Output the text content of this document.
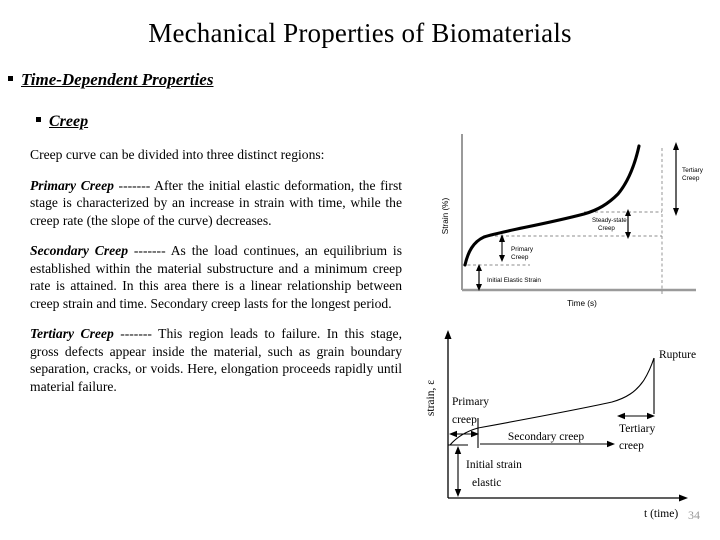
Mechanical Properties of Biomaterials
Time-Dependent Properties
Creep

Creep curve can be divided into three distinct regions:

Primary Creep ------- After the initial elastic deformation, the first stage is characterized by an increase in strain with time, while the creep rate (the slope of the curve) decreases.

Secondary Creep ------- As the load continues, an equilibrium is established within the material substructure and a minimum creep rate is attained. In this area there is a linear relationship between creep strain and time. Secondary creep lasts for the longest period.

Tertiary Creep ------- This region leads to failure. In this stage, gross defects appear inside the material, such as grain boundary separation, cracks, or voids. Here, elongation proceeds rapidly until material failure.

Tertiary
Creep
Steady-state
Creep
Primary
Creep
Initial Elastic Strain
Strain (%)
Time (s)
Rupture
Primary
creep
Secondary creep
Tertiary
creep
Initial strain
elastic
strain, ε
t (time) 34
